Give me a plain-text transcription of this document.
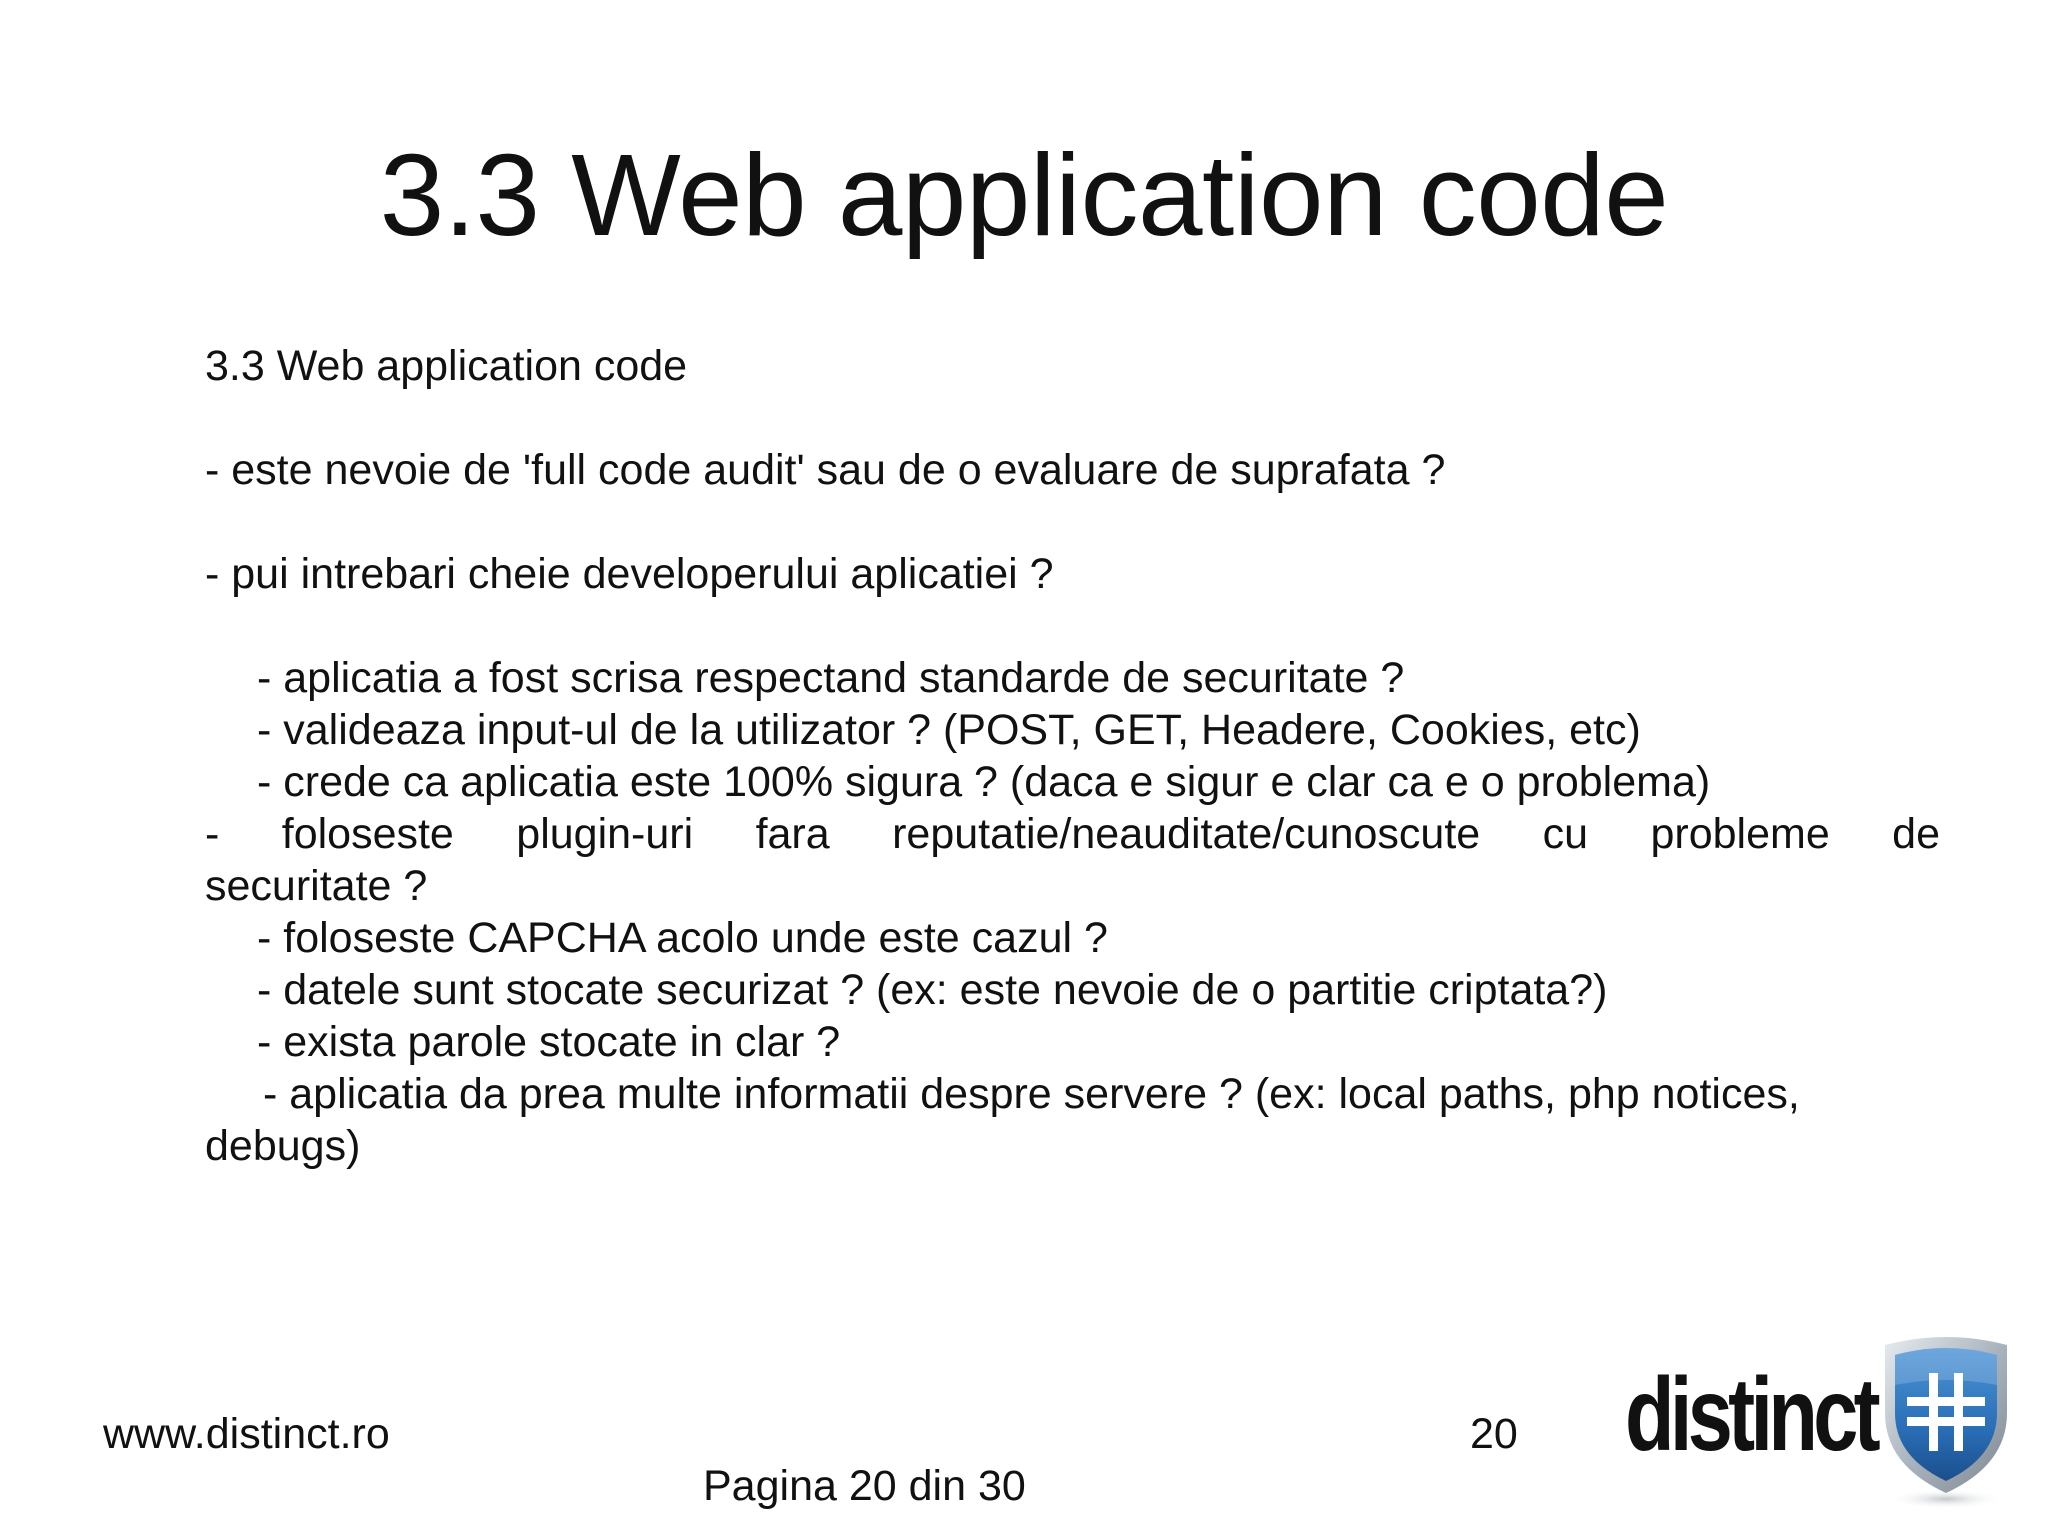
3.3 Web application code
3.3 Web application code
- este nevoie de 'full code audit' sau de o evaluare de suprafata ?
- pui intrebari cheie developerului aplicatiei ?
- aplicatia a fost scrisa respectand standarde de securitate ?
- valideaza input-ul de la utilizator ? (POST, GET, Headere, Cookies, etc)
- crede ca aplicatia este 100% sigura ? (daca e sigur e clar ca e o problema)
- foloseste plugin-uri fara reputatie/neauditate/cunoscute cu probleme de
securitate ?
- foloseste CAPCHA acolo unde este cazul ?
- datele sunt stocate securizat ? (ex: este nevoie de o partitie criptata?)
- exista parole stocate in clar ?
- aplicatia da prea multe informatii despre servere ? (ex: local paths, php notices,
debugs)
www.distinct.ro	20
Pagina 20 din 30
distinct
